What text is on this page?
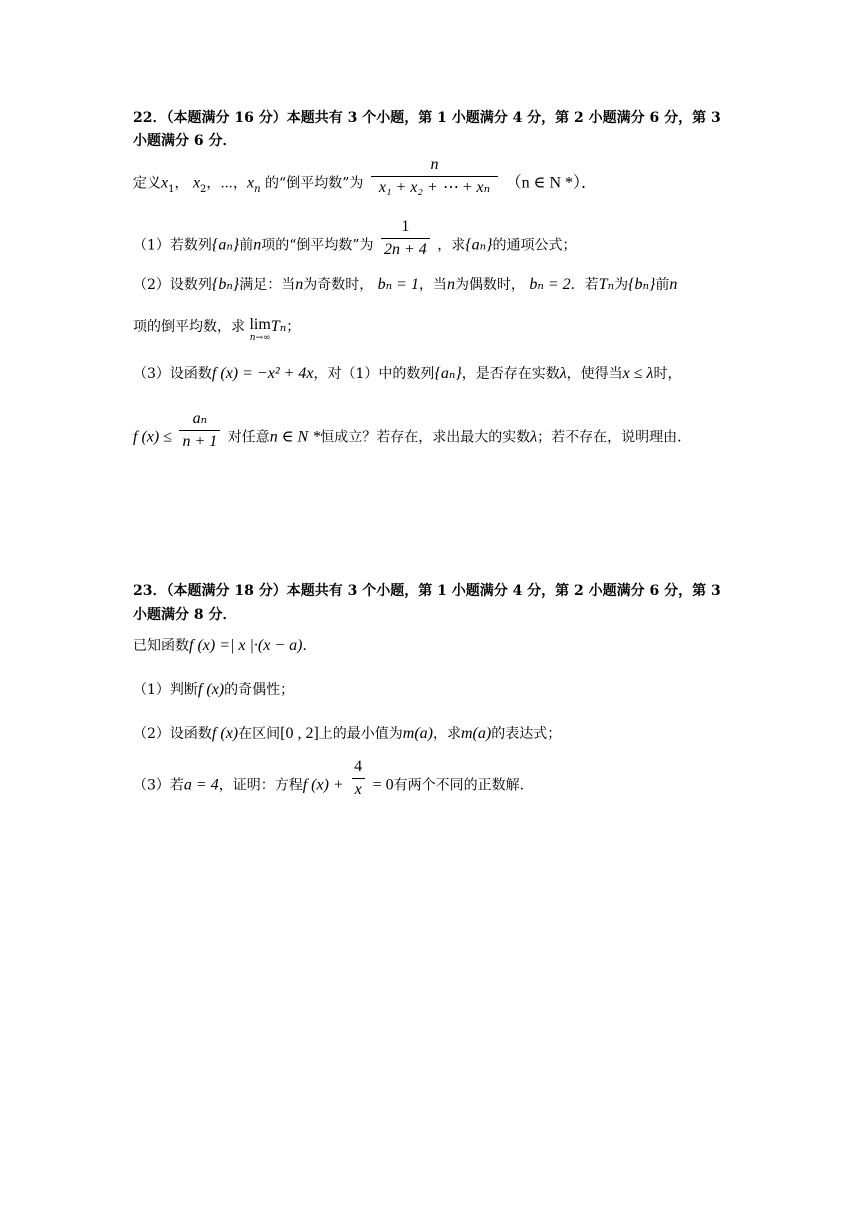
22．（本题满分 16 分）本题共有 3 个小题，第 1 小题满分 4 分，第 2 小题满分 6 分，第 3
小题满分 6 分．
定义$x_1$， $x_2$，⋯，$x_n$ 的“倒平均数”为 $\frac{n}{\text{x₁ + x₂ + ⋯ + xₙ}} (n$ ∈ N *）．
（1）若数列{aₙ}前n项的“倒平均数”为 $\frac{1}{2n + 4}$ ，求{aₙ}的通项公式；
（2）设数列{bₙ}满足：当n为奇数时， bₙ = 1，当n为偶数时， bₙ = 2．若Tₙ为{bₙ}前n
项的倒平均数，求 lim
n→∞
Tₙ；
（3）设函数f (x) = −x² + 4x，对（1）中的数列{aₙ}，是否存在实数λ，使得当x ≤ λ时，
f $(x) \le \frac{\text{aₙ}}{n + 1}$ 对任意n ∈ N *恒成立？若存在，求出最大的实数λ；若不存在，说明理由．
23．（本题满分 18 分）本题共有 3 个小题，第 1 小题满分 4 分，第 2 小题满分 6 分，第 3
小题满分 8 分．
已知函数f (x) =| x |·(x − a)．
（1）判断f (x)的奇偶性；
（2）设函数f (x)在区间[0 , 2]上的最小值为m(a)，求m(a)的表达式；
（3）若a = 4，证明：方程f $(x) + \frac{4}{x} = 0$有两个不同的正数解．
